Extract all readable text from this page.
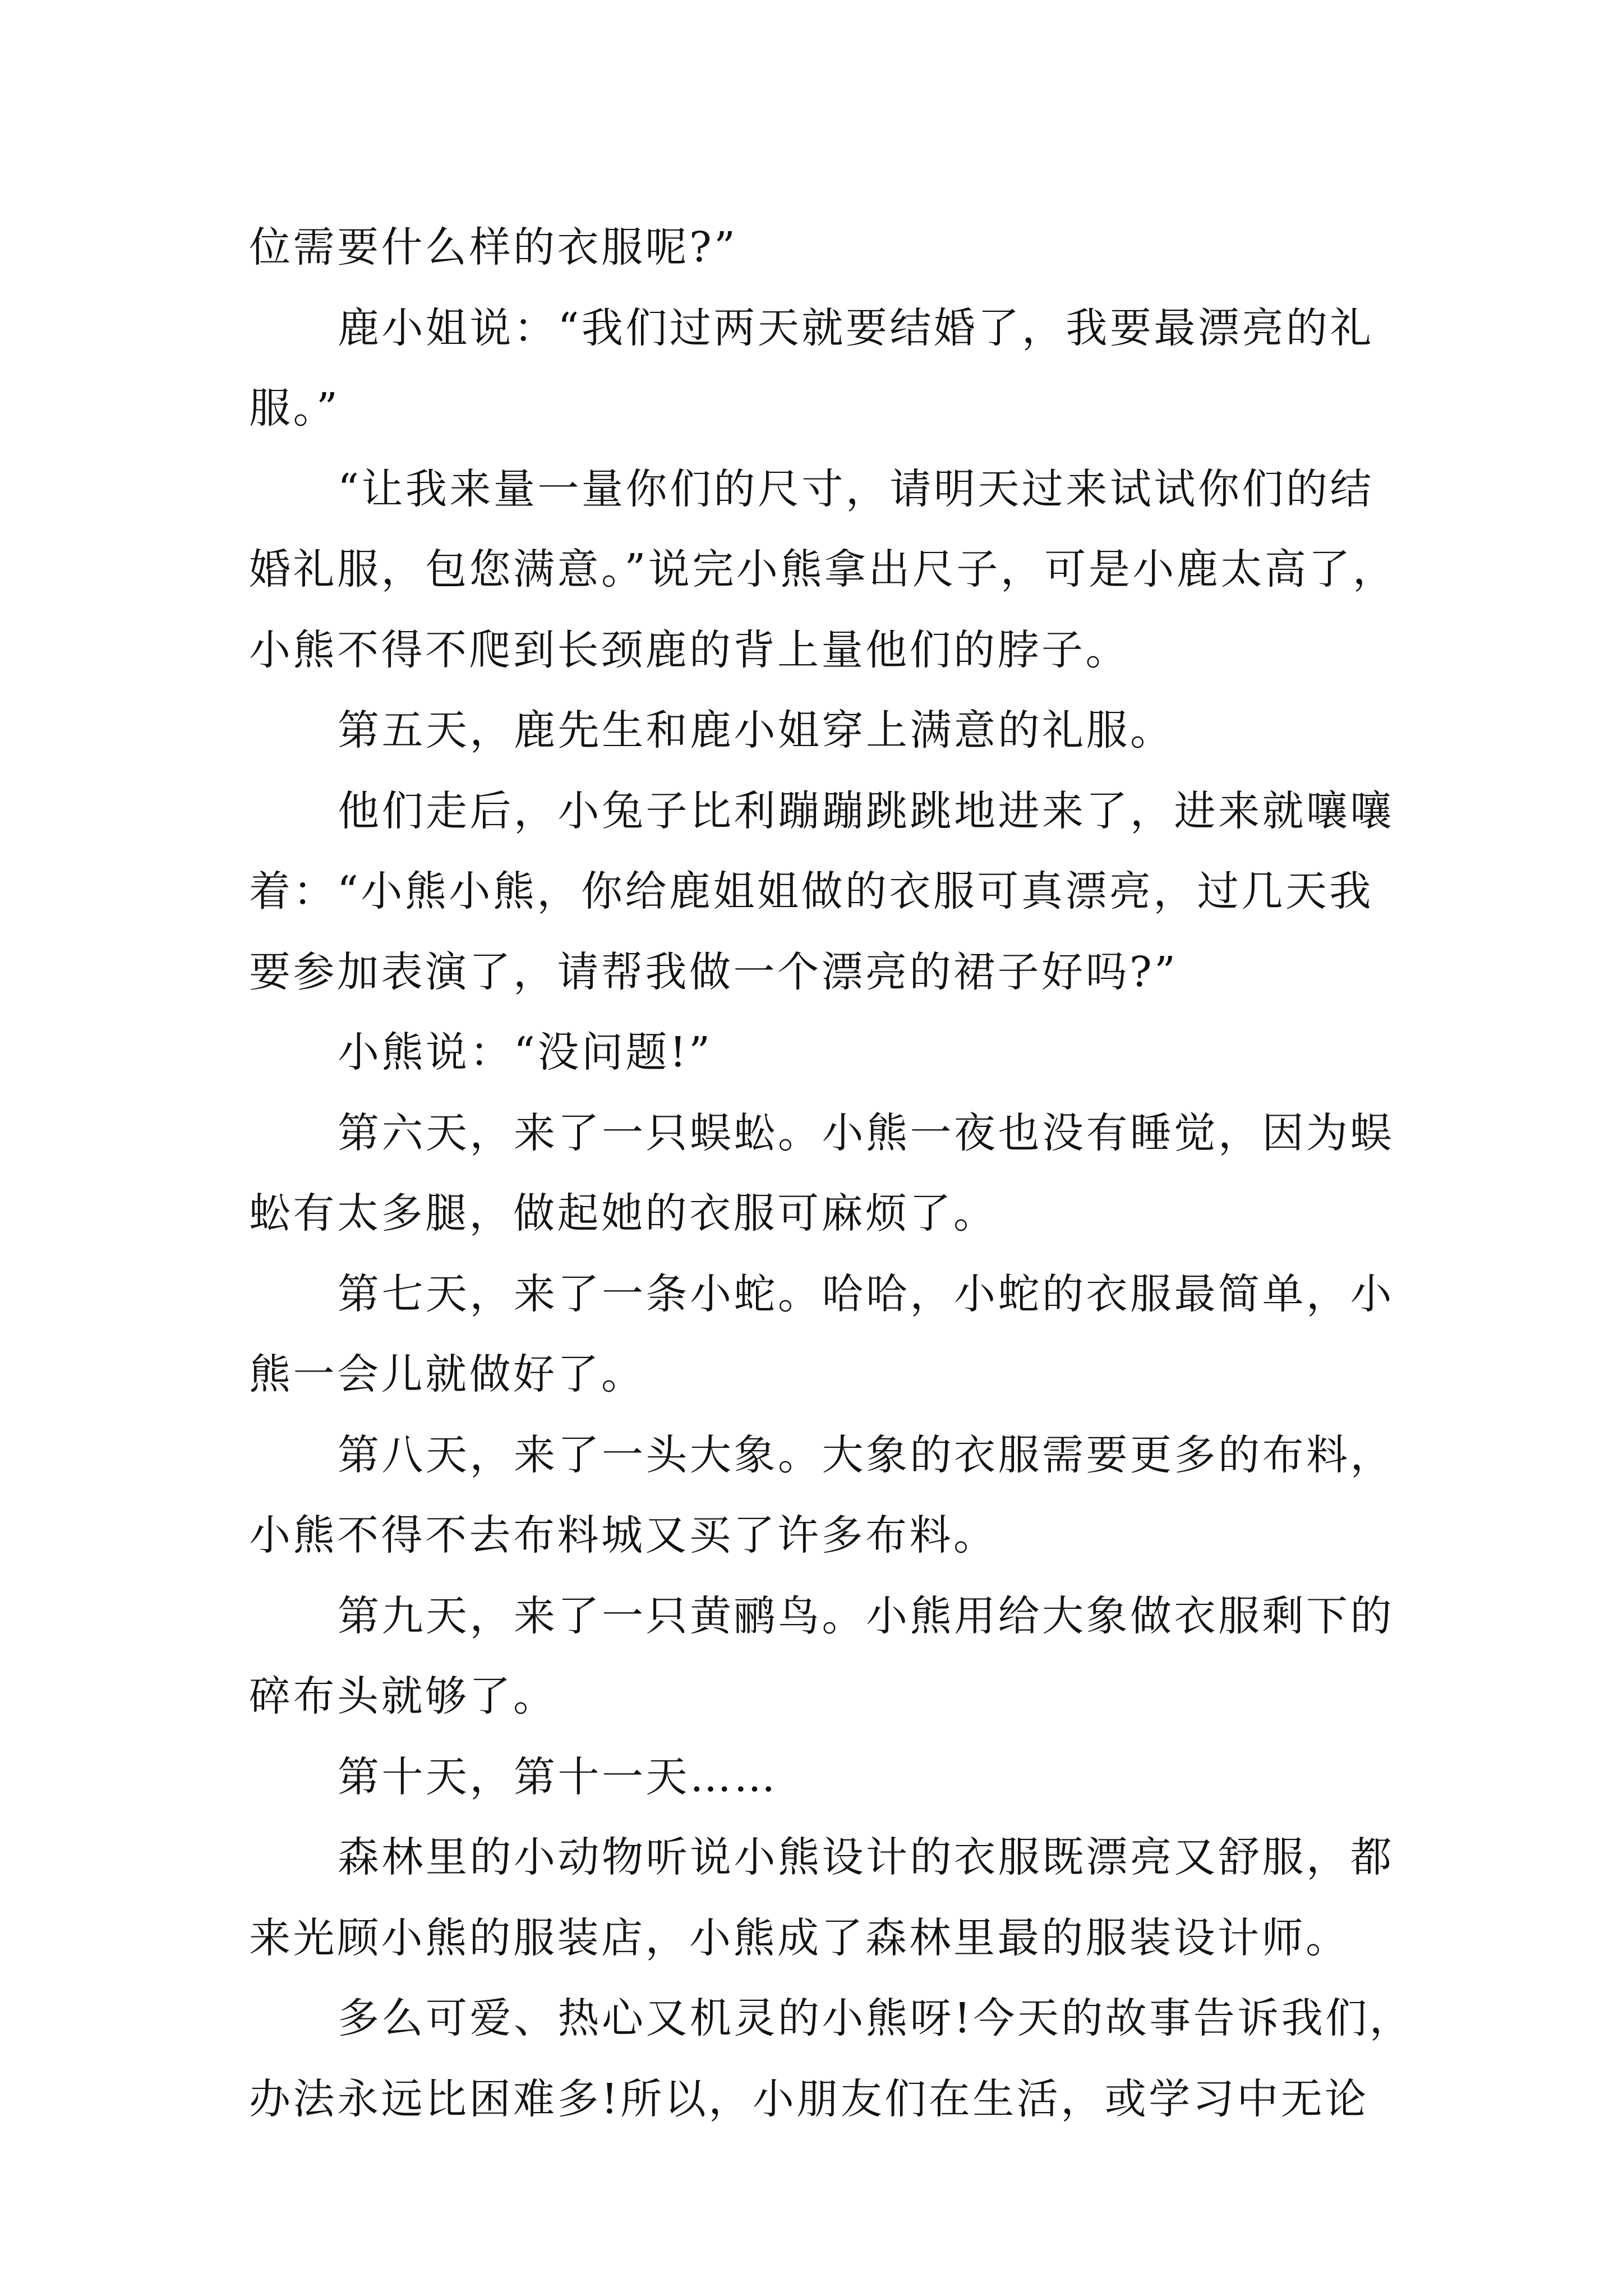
位需要什么样的衣服呢?”
鹿小姐说：“我们过两天就要结婚了，我要最漂亮的礼
服。”
“让我来量一量你们的尺寸，请明天过来试试你们的结
婚礼服，包您满意。”说完小熊拿出尺子，可是小鹿太高了，
小熊不得不爬到长颈鹿的背上量他们的脖子。
第五天，鹿先生和鹿小姐穿上满意的礼服。
他们走后，小兔子比利蹦蹦跳跳地进来了，进来就嚷嚷
着：“小熊小熊，你给鹿姐姐做的衣服可真漂亮，过几天我
要参加表演了，请帮我做一个漂亮的裙子好吗?”
小熊说：“没问题!”
第六天，来了一只蜈蚣。小熊一夜也没有睡觉，因为蜈
蚣有太多腿，做起她的衣服可麻烦了。
第七天，来了一条小蛇。哈哈，小蛇的衣服最简单，小
熊一会儿就做好了。
第八天，来了一头大象。大象的衣服需要更多的布料，
小熊不得不去布料城又买了许多布料。
第九天，来了一只黄鹂鸟。小熊用给大象做衣服剩下的
碎布头就够了。
第十天，第十一天……
森林里的小动物听说小熊设计的衣服既漂亮又舒服，都
来光顾小熊的服装店，小熊成了森林里最的服装设计师。
多么可爱、热心又机灵的小熊呀!今天的故事告诉我们，
办法永远比困难多!所以，小朋友们在生活，或学习中无论
